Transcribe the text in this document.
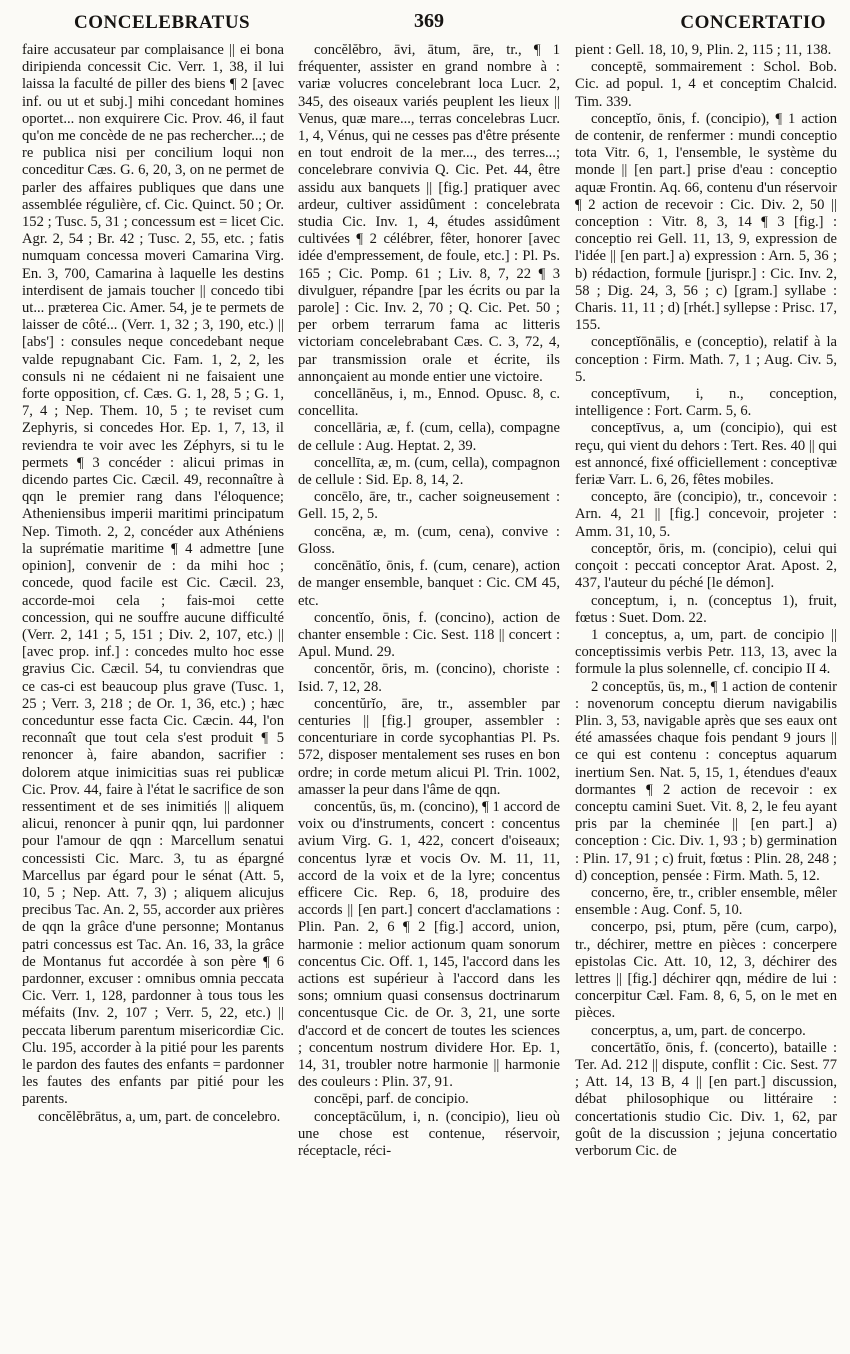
CONCELEBRATUS	369	CONCERTATIO

faire accusateur par complaisance || ei bona diripienda concessit Cic. Verr. 1, 38, il lui laissa la faculté de piller des biens ¶ 2 [avec inf. ou ut et subj.] mihi concedant homines oportet... non exquirere Cic. Prov. 46, il faut qu'on me concède de ne pas rechercher...; de re publica nisi per concilium loqui non conceditur Cæs. G. 6, 20, 3, on ne permet de parler des affaires publiques que dans une assemblée régulière, cf. Cic. Quinct. 50 ; Or. 152 ; Tusc. 5, 31 ; concessum est = licet Cic. Agr. 2, 54 ; Br. 42 ; Tusc. 2, 55, etc. ; fatis numquam concessa moveri Camarina Virg. En. 3, 700, Camarina à laquelle les destins interdisent de jamais toucher || concedo tibi ut... præterea Cic. Amer. 54, je te permets de laisser de côté... (Verr. 1, 32 ; 3, 190, etc.) || [abs'] : consules neque concedebant neque valde repugnabant Cic. Fam. 1, 2, 2, les consuls ni ne cédaient ni ne faisaient une forte opposition, cf. Cæs. G. 1, 28, 5 ; G. 1, 7, 4 ; Nep. Them. 10, 5 ; te reviset cum Zephyris, si concedes Hor. Ep. 1, 7, 13, il reviendra te voir avec les Zéphyrs, si tu le permets ¶ 3 concéder : alicui primas in dicendo partes Cic. Cæcil. 49, reconnaître à qqn le premier rang dans l'éloquence; Atheniensibus imperii maritimi principatum Nep. Timoth. 2, 2, concéder aux Athéniens la suprématie maritime ¶ 4 admettre [une opinion], convenir de : da mihi hoc ; concede, quod facile est Cic. Cæcil. 23, accorde-moi cela ; fais-moi cette concession, qui ne souffre aucune difficulté (Verr. 2, 141 ; 5, 151 ; Div. 2, 107, etc.) || [avec prop. inf.] : concedes multo hoc esse gravius Cic. Cæcil. 54, tu conviendras que ce cas-ci est beaucoup plus grave (Tusc. 1, 25 ; Verr. 3, 218 ; de Or. 1, 36, etc.) ; hæc conceduntur esse facta Cic. Cæcin. 44, l'on reconnaît que tout cela s'est produit ¶ 5 renoncer à, faire abandon, sacrifier : dolorem atque inimicitias suas rei publicæ Cic. Prov. 44, faire à l'état le sacrifice de son ressentiment et de ses inimitiés || aliquem alicui, renoncer à punir qqn, lui pardonner pour l'amour de qqn : Marcellum senatui concessisti Cic. Marc. 3, tu as épargné Marcellus par égard pour le sénat (Att. 5, 10, 5 ; Nep. Att. 7, 3) ; aliquem alicujus precibus Tac. An. 2, 55, accorder aux prières de qqn la grâce d'une personne; Montanus patri concessus est Tac. An. 16, 33, la grâce de Montanus fut accordée à son père ¶ 6 pardonner, excuser : omnibus omnia peccata Cic. Verr. 1, 128, pardonner à tous tous les méfaits (Inv. 2, 107 ; Verr. 5, 22, etc.) || peccata liberum parentum misericordiæ Cic. Clu. 195, accorder à la pitié pour les parents le pardon des fautes des enfants = pardonner les fautes des enfants par pitié pour les parents.

concĕlĕbrātus, a, um, part. de concelebro.

concĕlĕbro, āvi, ātum, āre, tr., ¶ 1 fréquenter, assister en grand nombre à : variæ volucres concelebrant loca Lucr. 2, 345, des oiseaux variés peuplent les lieux || Venus, quæ mare..., terras concelebras Lucr. 1, 4, Vénus, qui ne cesses pas d'être présente en tout endroit de la mer..., des terres...; concelebrare convivia Q. Cic. Pet. 44, être assidu aux banquets || [fig.] pratiquer avec ardeur, cultiver assidûment : concelebrata studia Cic. Inv. 1, 4, études assidûment cultivées ¶ 2 célébrer, fêter, honorer [avec idée d'empressement, de foule, etc.] : Pl. Ps. 165 ; Cic. Pomp. 61 ; Liv. 8, 7, 22 ¶ 3 divulguer, répandre [par les écrits ou par la parole] : Cic. Inv. 2, 70 ; Q. Cic. Pet. 50 ; per orbem terrarum fama ac litteris victoriam concelebrabant Cæs. C. 3, 72, 4, par transmission orale et écrite, ils annonçaient au monde entier une victoire.

concellānĕus, i, m., Ennod. Opusc. 8, c. concellita.

concellāria, æ, f. (cum, cella), compagne de cellule : Aug. Heptat. 2, 39.

concellīta, æ, m. (cum, cella), compagnon de cellule : Sid. Ep. 8, 14, 2.

concēlo, āre, tr., cacher soigneusement : Gell. 15, 2, 5.

concēna, æ, m. (cum, cena), convive : Gloss.

concēnātĭo, ōnis, f. (cum, cenare), action de manger ensemble, banquet : Cic. CM 45, etc.

concentĭo, ōnis, f. (concino), action de chanter ensemble : Cic. Sest. 118 || concert : Apul. Mund. 29.

concentŏr, ōris, m. (concino), choriste : Isid. 7, 12, 28.

concentŭrĭo, āre, tr., assembler par centuries || [fig.] grouper, assembler : concenturiare in corde sycophantias Pl. Ps. 572, disposer mentalement ses ruses en bon ordre; in corde metum alicui Pl. Trin. 1002, amasser la peur dans l'âme de qqn.

concentŭs, ūs, m. (concino), ¶ 1 accord de voix ou d'instruments, concert : concentus avium Virg. G. 1, 422, concert d'oiseaux; concentus lyræ et vocis Ov. M. 11, 11, accord de la voix et de la lyre; concentus efficere Cic. Rep. 6, 18, produire des accords || [en part.] concert d'acclamations : Plin. Pan. 2, 6 ¶ 2 [fig.] accord, union, harmonie : melior actionum quam sonorum concentus Cic. Off. 1, 145, l'accord dans les actions est supérieur à l'accord dans les sons; omnium quasi consensus doctrinarum concentusque Cic. de Or. 3, 21, une sorte d'accord et de concert de toutes les sciences ; concentum nostrum dividere Hor. Ep. 1, 14, 31, troubler notre harmonie || harmonie des couleurs : Plin. 37, 91.

concēpi, parf. de concipio.

conceptācŭlum, i, n. (concipio), lieu où une chose est contenue, réservoir, réceptacle, réci-

pient : Gell. 18, 10, 9, Plin. 2, 115 ; 11, 138.

conceptē, sommairement : Schol. Bob. Cic. ad popul. 1, 4 et conceptim Chalcid. Tim. 339.

conceptĭo, ōnis, f. (concipio), ¶ 1 action de contenir, de renfermer : mundi conceptio tota Vitr. 6, 1, l'ensemble, le système du monde || [en part.] prise d'eau : conceptio aquæ Frontin. Aq. 66, contenu d'un réservoir ¶ 2 action de recevoir : Cic. Div. 2, 50 || conception : Vitr. 8, 3, 14 ¶ 3 [fig.] : conceptio rei Gell. 11, 13, 9, expression de l'idée || [en part.] a) expression : Arn. 5, 36 ; b) rédaction, formule [jurispr.] : Cic. Inv. 2, 58 ; Dig. 24, 3, 56 ; c) [gram.] syllabe : Charis. 11, 11 ; d) [rhét.] syllepse : Prisc. 17, 155.

conceptĭōnālis, e (conceptio), relatif à la conception : Firm. Math. 7, 1 ; Aug. Civ. 5, 5.

conceptīvum, i, n., conception, intelligence : Fort. Carm. 5, 6.

conceptīvus, a, um (concipio), qui est reçu, qui vient du dehors : Tert. Res. 40 || qui est annoncé, fixé officiellement : conceptivæ feriæ Varr. L. 6, 26, fêtes mobiles.

concepto, āre (concipio), tr., concevoir : Arn. 4, 21 || [fig.] concevoir, projeter : Amm. 31, 10, 5.

conceptŏr, ōris, m. (concipio), celui qui conçoit : peccati conceptor Arat. Apost. 2, 437, l'auteur du péché [le démon].

conceptum, i, n. (conceptus 1), fruit, fœtus : Suet. Dom. 22.

1 conceptus, a, um, part. de concipio || conceptissimis verbis Petr. 113, 13, avec la formule la plus solennelle, cf. concipio II 4.

2 conceptŭs, ūs, m., ¶ 1 action de contenir : novenorum conceptu dierum navigabilis Plin. 3, 53, navigable après que ses eaux ont été amassées chaque fois pendant 9 jours || ce qui est contenu : conceptus aquarum inertium Sen. Nat. 5, 15, 1, étendues d'eaux dormantes ¶ 2 action de recevoir : ex conceptu camini Suet. Vit. 8, 2, le feu ayant pris par la cheminée || [en part.] a) conception : Cic. Div. 1, 93 ; b) germination : Plin. 17, 91 ; c) fruit, fœtus : Plin. 28, 248 ; d) conception, pensée : Firm. Math. 5, 12.

concerno, ĕre, tr., cribler ensemble, mêler ensemble : Aug. Conf. 5, 10.

concerpo, psi, ptum, pĕre (cum, carpo), tr., déchirer, mettre en pièces : concerpere epistolas Cic. Att. 10, 12, 3, déchirer des lettres || [fig.] déchirer qqn, médire de lui : concerpitur Cæl. Fam. 8, 6, 5, on le met en pièces.

concerptus, a, um, part. de concerpo.

concertātĭo, ōnis, f. (concerto), bataille : Ter. Ad. 212 || dispute, conflit : Cic. Sest. 77 ; Att. 14, 13 B, 4 || [en part.] discussion, débat philosophique ou littéraire : concertationis studio Cic. Div. 1, 62, par goût de la discussion ; jejuna concertatio verborum Cic. de
